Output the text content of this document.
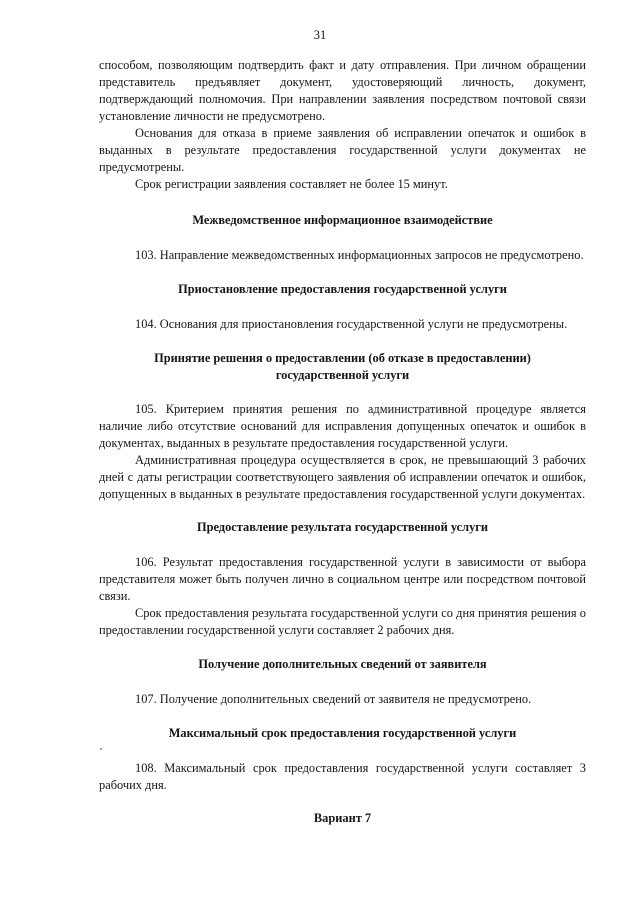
31

способом, позволяющим подтвердить факт и дату отправления. При личном обращении представитель предъявляет документ, удостоверяющий личность, документ, подтверждающий полномочия. При направлении заявления посредством почтовой связи установление личности не предусмотрено.

Основания для отказа в приеме заявления об исправлении опечаток и ошибок в выданных в результате предоставления государственной услуги документах не предусмотрены.

Срок регистрации заявления составляет не более 15 минут.

Межведомственное информационное взаимодействие

103. Направление межведомственных информационных запросов не предусмотрено.

Приостановление предоставления государственной услуги

104. Основания для приостановления государственной услуги не предусмотрены.

Принятие решения о предоставлении (об отказе в предоставлении)
государственной услуги

105. Критерием принятия решения по административной процедуре является наличие либо отсутствие оснований для исправления допущенных опечаток и ошибок в документах, выданных в результате предоставления государственной услуги.

Административная процедура осуществляется в срок, не превышающий 3 рабочих дней с даты регистрации соответствующего заявления об исправлении опечаток и ошибок, допущенных в выданных в результате предоставления государственной услуги документах.

Предоставление результата государственной услуги

106. Результат предоставления государственной услуги в зависимости от выбора представителя может быть получен лично в социальном центре или посредством почтовой связи.

Срок предоставления результата государственной услуги со дня принятия решения о предоставлении государственной услуги составляет 2 рабочих дня.

Получение дополнительных сведений от заявителя

107. Получение дополнительных сведений от заявителя не предусмотрено.

Максимальный срок предоставления государственной услуги

108. Максимальный срок предоставления государственной услуги составляет 3 рабочих дня.

Вариант 7
